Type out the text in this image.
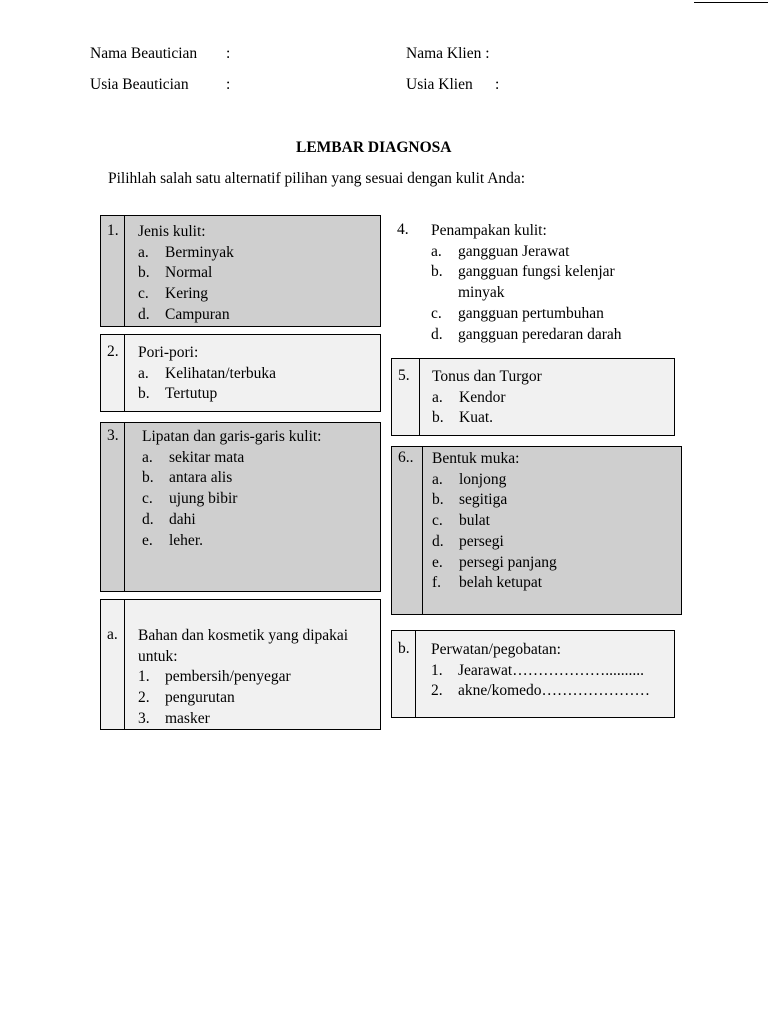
Nama Beautician :
Usia Beautician :
Nama Klien :
Usia Klien :
LEMBAR DIAGNOSA
Pilihlah salah satu alternatif pilihan yang sesuai dengan kulit Anda:
1. Jenis kulit:
a.	Berminyak
b. Normal
c.	Kering
d. Campuran
2. Pori-pori:
a.	Kelihatan/terbuka
b. Tertutup
3. Lipatan dan garis-garis kulit:
a.	sekitar mata
b. antara alis
c.	ujung bibir
d. dahi
e.	leher.
a. Bahan dan kosmetik yang dipakai untuk:
1. pembersih/penyegar
2. pengurutan
3. masker
4. Penampakan kulit:
a.	gangguan Jerawat
b. gangguan fungsi kelenjar minyak
c.	gangguan pertumbuhan
d. gangguan peredaran darah
5. Tonus dan Turgor
a.	Kendor
b. Kuat.
6.. Bentuk muka:
a.	lonjong
b. segitiga
c.	bulat
d. persegi
e.	persegi panjang
f.	belah ketupat
b. Perwatan/pegobatan:
1. Jearawat………………..........
2. akne/komedo…………………
